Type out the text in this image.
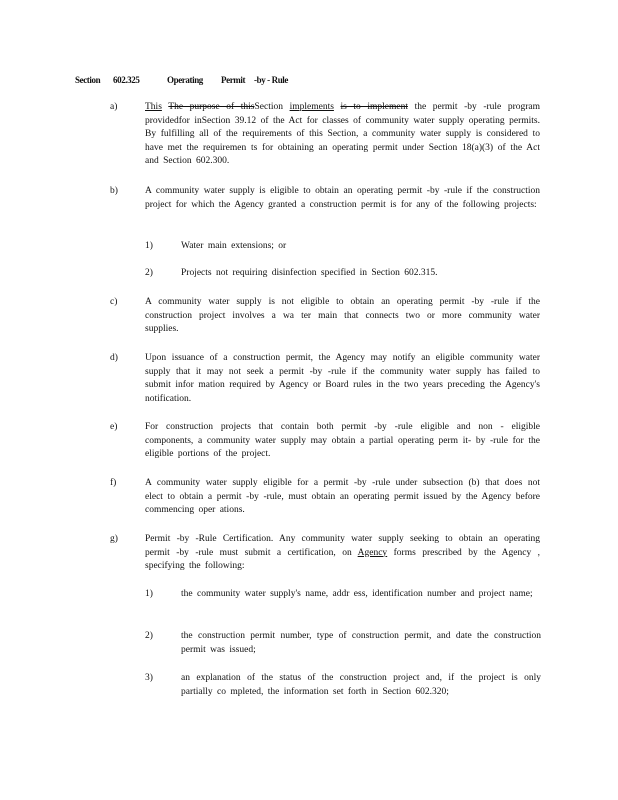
Section 602.325	Operating Permit -by - Rule
a)	This The purpose of thisSection implements is to implement the permit -by -rule program providedfor inSection 39.12 of the Act for classes of community water supply operating permits. By fulfilling all of the requirements of this Section, a community water supply is considered to have met the requiremen ts for obtaining an operating permit under Section 18(a)(3) of the Act and Section 602.300.
b)	A community water supply is eligible to obtain an operating permit -by -rule if the construction project for which the Agency granted a construction permit is for any of the following projects:
1)	Water main extensions; or
2)	Projects not requiring disinfection specified in Section 602.315.
c)	A community water supply is not eligible to obtain an operating permit -by -rule if the construction project involves a wa ter main that connects two or more community water supplies.
d)	Upon issuance of a construction permit, the Agency may notify an eligible community water supply that it may not seek a permit -by -rule if the community water supply has failed to submit infor mation required by Agency or Board rules in the two years preceding the Agency's notification.
e)	For construction projects that contain both permit -by -rule eligible and non - eligible components, a community water supply may obtain a partial operating perm it- by -rule for the eligible portions of the project.
f)	A community water supply eligible for a permit -by -rule under subsection (b) that does not elect to obtain a permit -by -rule, must obtain an operating permit issued by the Agency before commencing oper ations.
g)	Permit -by -Rule Certification. Any community water supply seeking to obtain an operating permit -by -rule must submit a certification, on Agency forms prescribed by the Agency , specifying the following:
1)	the community water supply's name, addr ess, identification number and project name;
2)	the construction permit number, type of construction permit, and date the construction permit was issued;
3)	an explanation of the status of the construction project and, if the project is only partially co mpleted, the information set forth in Section 602.320;
